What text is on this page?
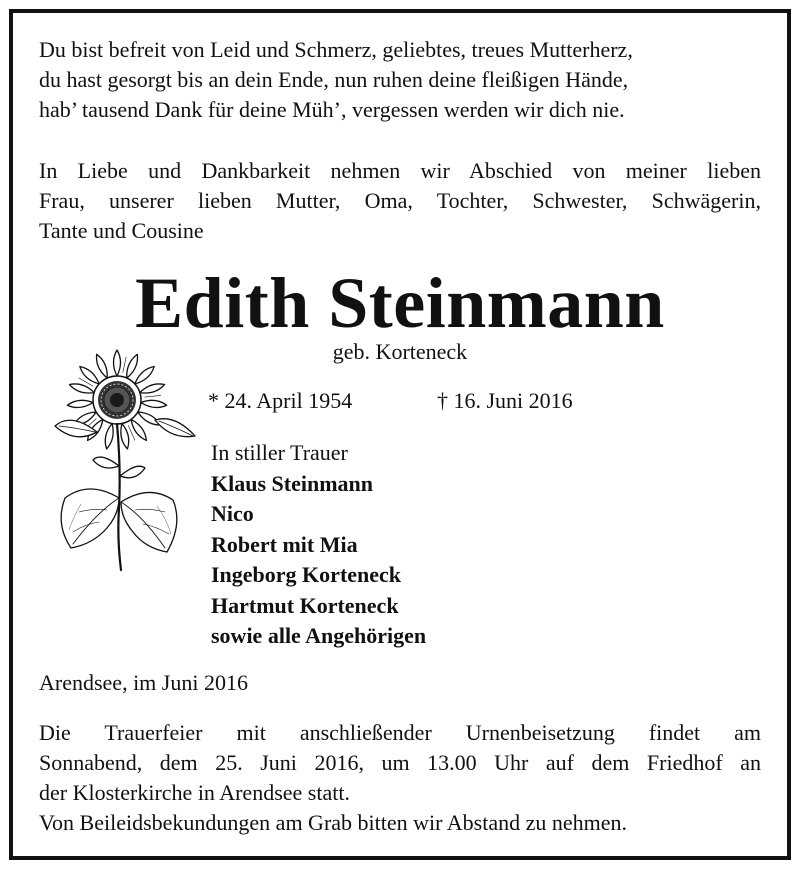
Du bist befreit von Leid und Schmerz, geliebtes, treues Mutterherz,
du hast gesorgt bis an dein Ende, nun ruhen deine fleißigen Hände,
hab’ tausend Dank für deine Müh’, vergessen werden wir dich nie.
In Liebe und Dankbarkeit nehmen wir Abschied von meiner lieben
Frau, unserer lieben Mutter, Oma, Tochter, Schwester, Schwägerin,
Tante und Cousine
Edith Steinmann
geb. Korteneck
* 24. April 1954	† 16. Juni 2016
In stiller Trauer
Klaus Steinmann
Nico
Robert mit Mia
Ingeborg Korteneck
Hartmut Korteneck
sowie alle Angehörigen
Arendsee, im Juni 2016
Die Trauerfeier mit anschließender Urnenbeisetzung findet am
Sonnabend, dem 25. Juni 2016, um 13.00 Uhr auf dem Friedhof an
der Klosterkirche in Arendsee statt.
Von Beileidsbekundungen am Grab bitten wir Abstand zu nehmen.
